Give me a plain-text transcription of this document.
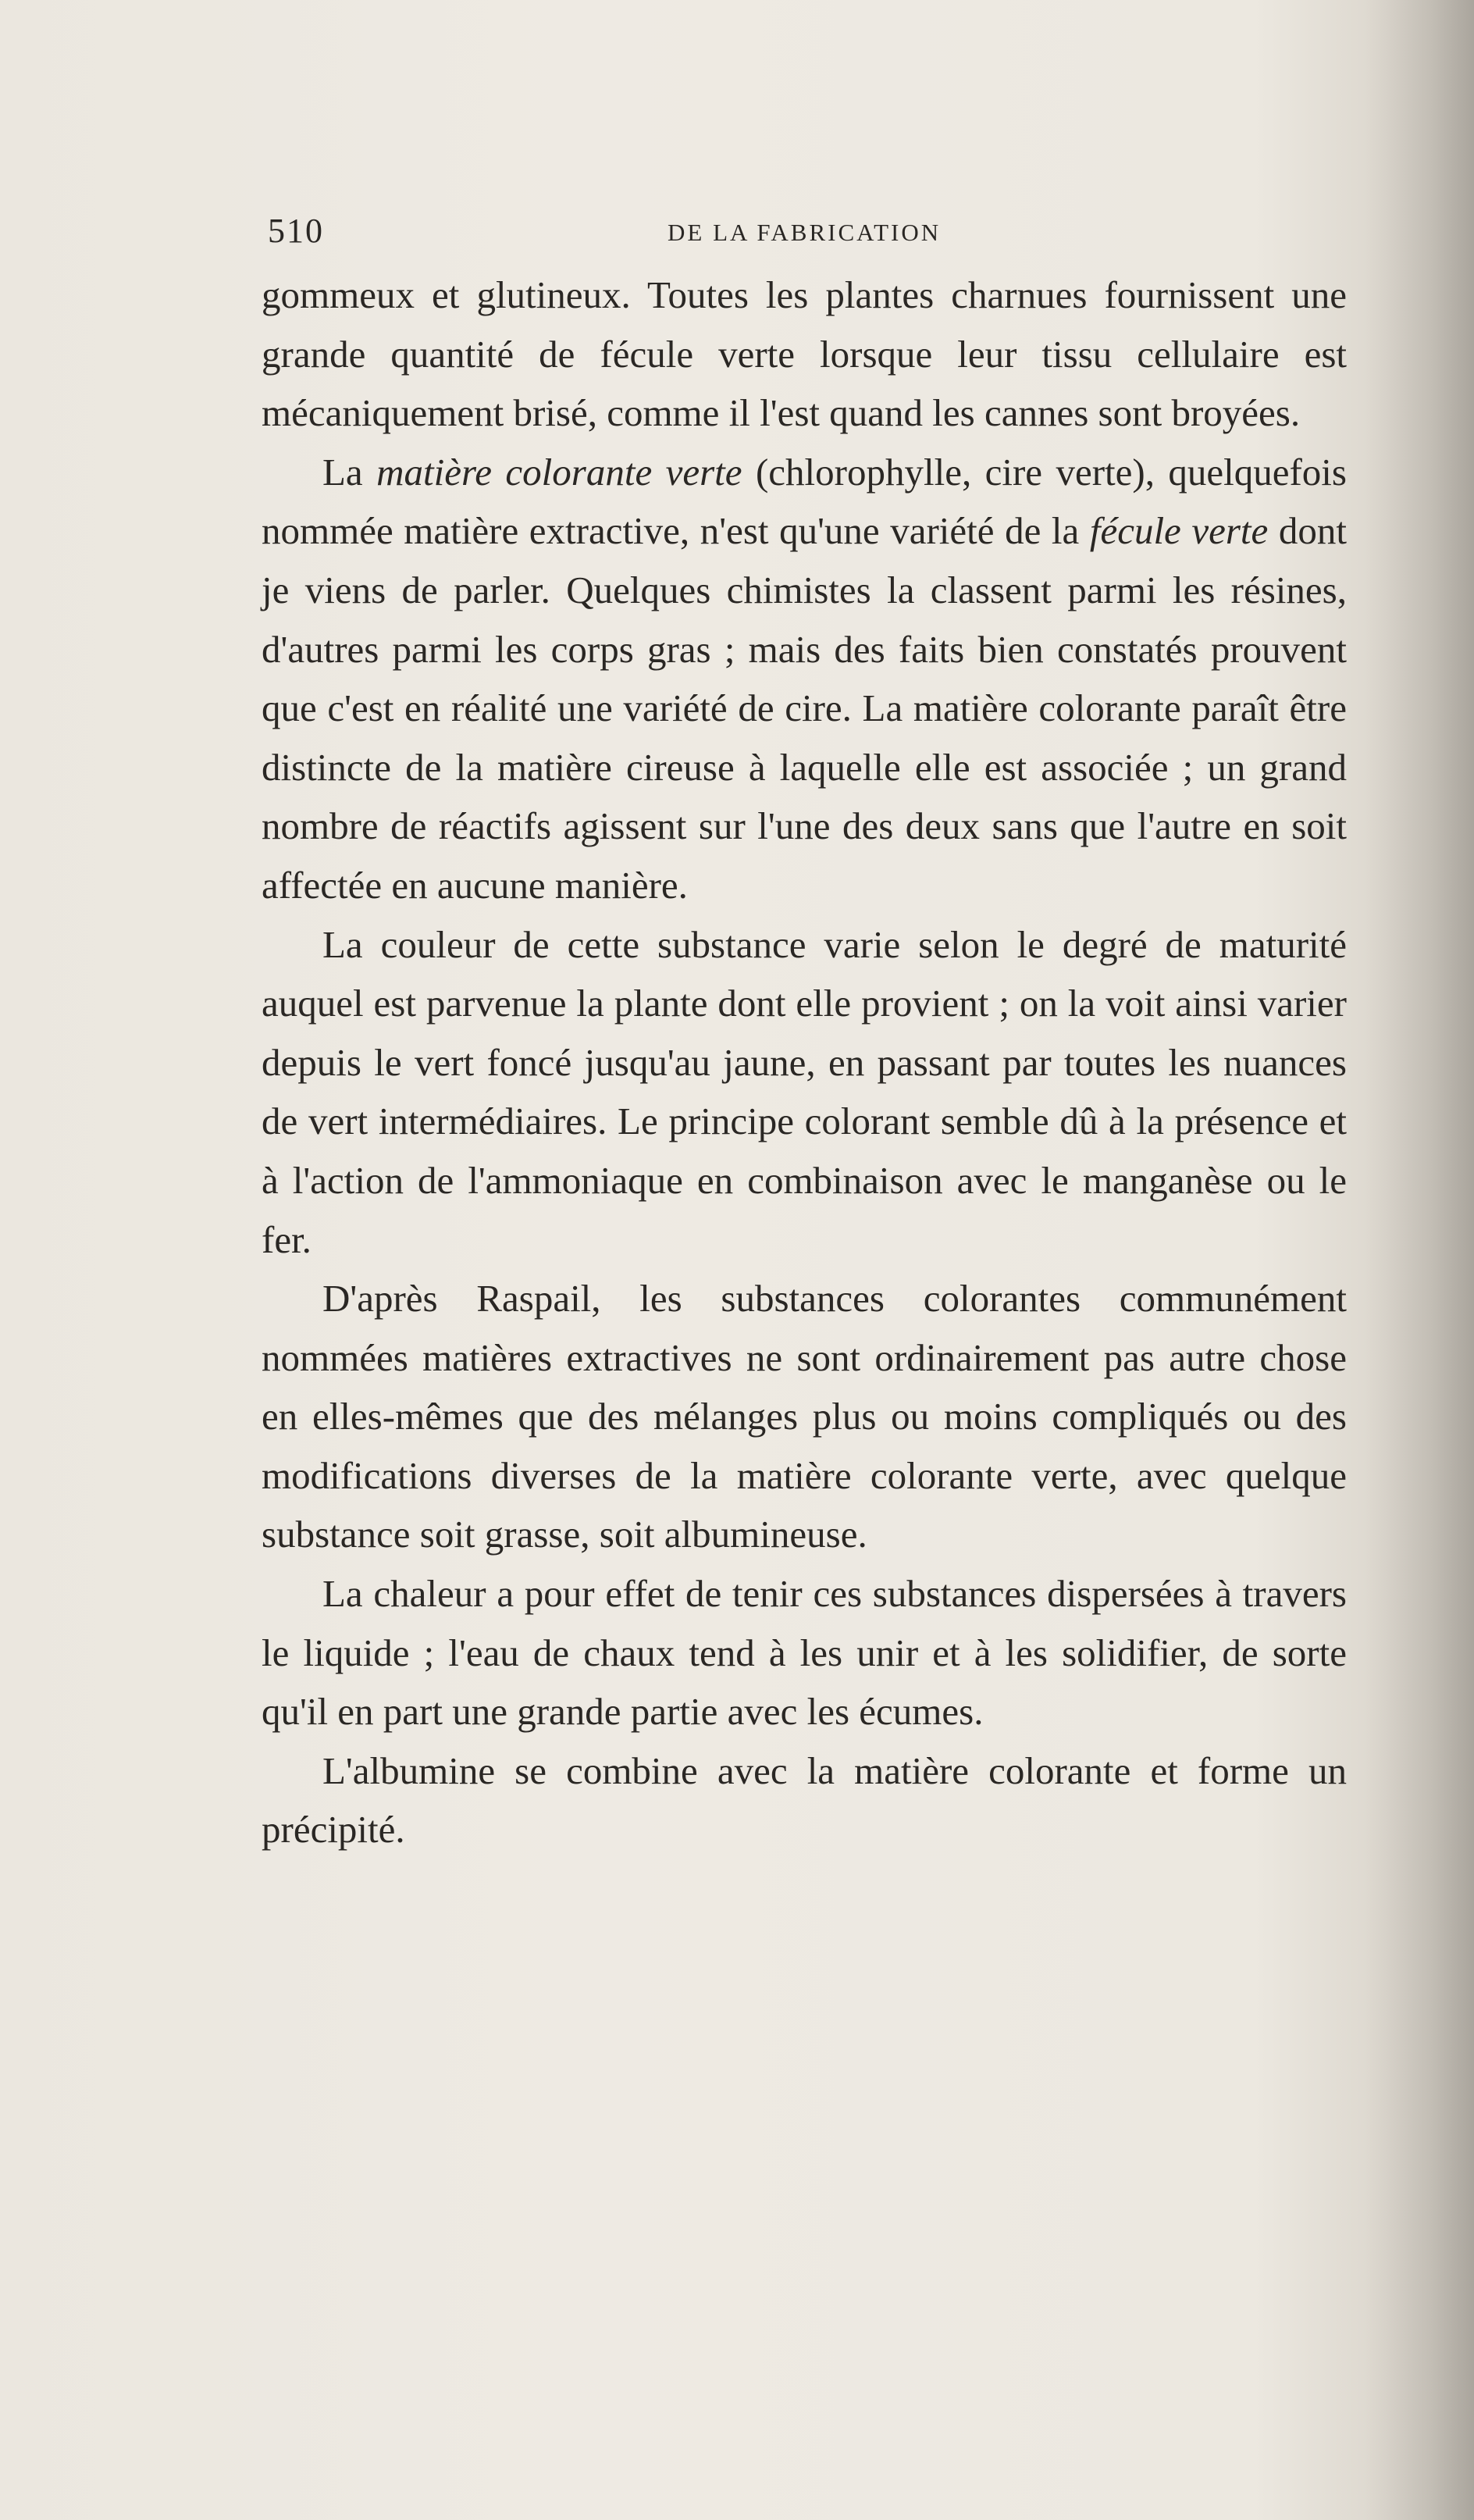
510	DE LA FABRICATION

gommeux et glutineux. Toutes les plantes charnues fournissent une grande quantité de fécule verte lorsque leur tissu cellulaire est mécaniquement brisé, comme il l'est quand les cannes sont broyées.

La matière colorante verte (chlorophylle, cire verte), quelquefois nommée matière extractive, n'est qu'une variété de la fécule verte dont je viens de parler. Quelques chimistes la classent parmi les résines, d'autres parmi les corps gras ; mais des faits bien constatés prouvent que c'est en réalité une variété de cire. La matière colorante paraît être distincte de la matière cireuse à laquelle elle est associée ; un grand nombre de réactifs agissent sur l'une des deux sans que l'autre en soit affectée en aucune manière.

La couleur de cette substance varie selon le degré de maturité auquel est parvenue la plante dont elle provient ; on la voit ainsi varier depuis le vert foncé jusqu'au jaune, en passant par toutes les nuances de vert intermédiaires. Le principe colorant semble dû à la présence et à l'action de l'ammoniaque en combinaison avec le manganèse ou le fer.

D'après Raspail, les substances colorantes communément nommées matières extractives ne sont ordinairement pas autre chose en elles-mêmes que des mélanges plus ou moins compliqués ou des modifications diverses de la matière colorante verte, avec quelque substance soit grasse, soit albumineuse.

La chaleur a pour effet de tenir ces substances dispersées à travers le liquide ; l'eau de chaux tend à les unir et à les solidifier, de sorte qu'il en part une grande partie avec les écumes.

L'albumine se combine avec la matière colorante et forme un précipité.
